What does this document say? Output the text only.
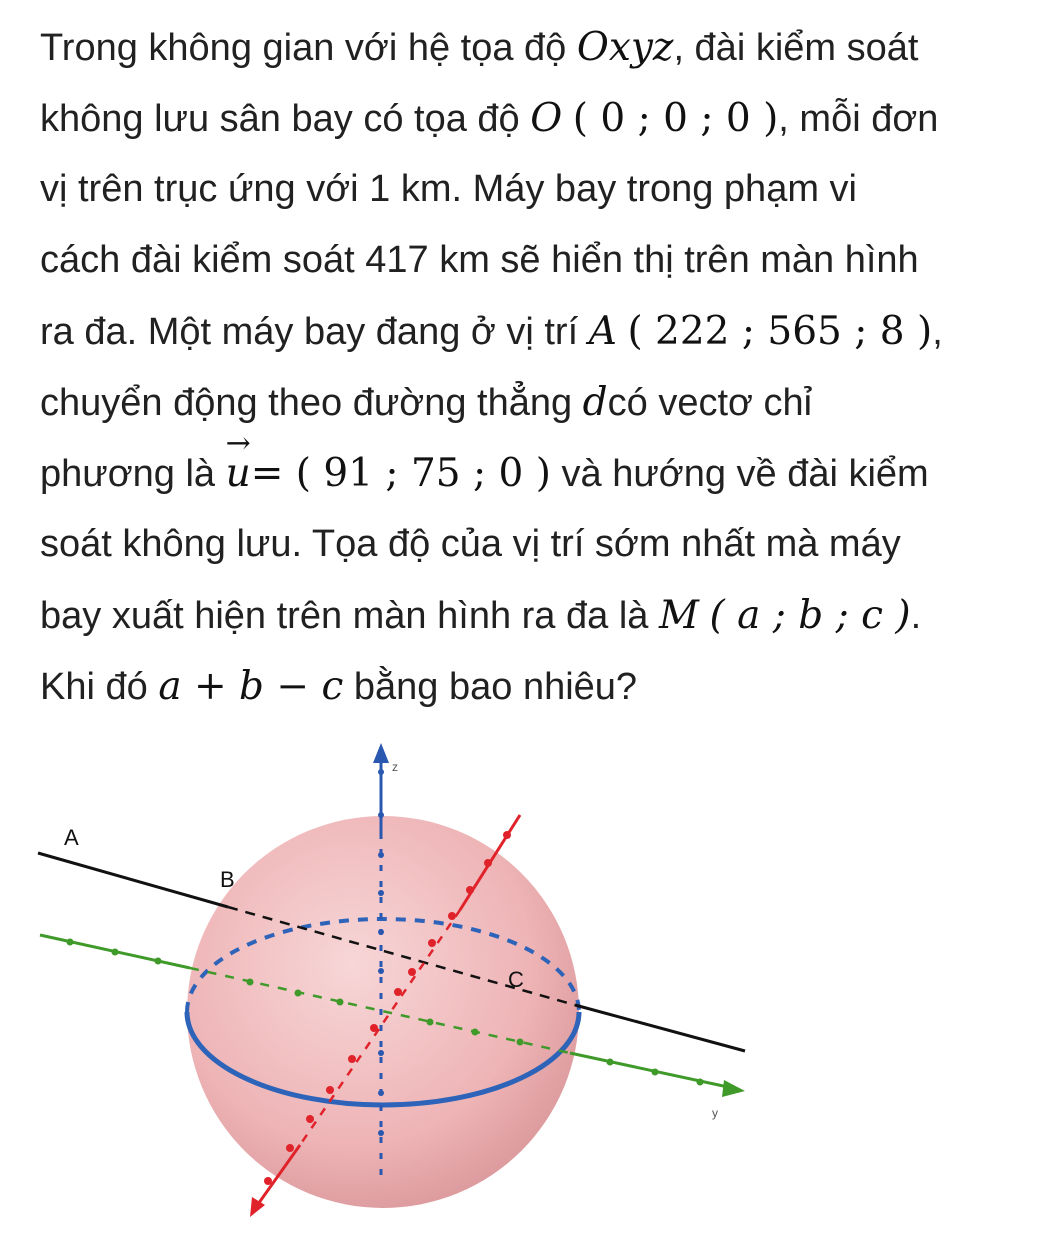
Trong không gian với hệ tọa độ Oxyz, đài kiểm soát
không lưu sân bay có tọa độ O ( 0 ; 0 ; 0 ), mỗi đơn
vị trên trục ứng với 1 km. Máy bay trong phạm vi
cách đài kiểm soát 417 km sẽ hiển thị trên màn hình
ra đa. Một máy bay đang ở vị trí A ( 222 ; 565 ; 8 ),
chuyển động theo đường thẳng dcó vectơ chỉ
phương là
→
u= ( 91 ; 75 ; 0 ) và hướng về đài kiểm
soát không lưu. Tọa độ của vị trí sớm nhất mà máy
bay xuất hiện trên màn hình ra đa là M ( a ; b ; c ).
Khi đó a + b − c bằng bao nhiêu?
A
B
C
z
y
